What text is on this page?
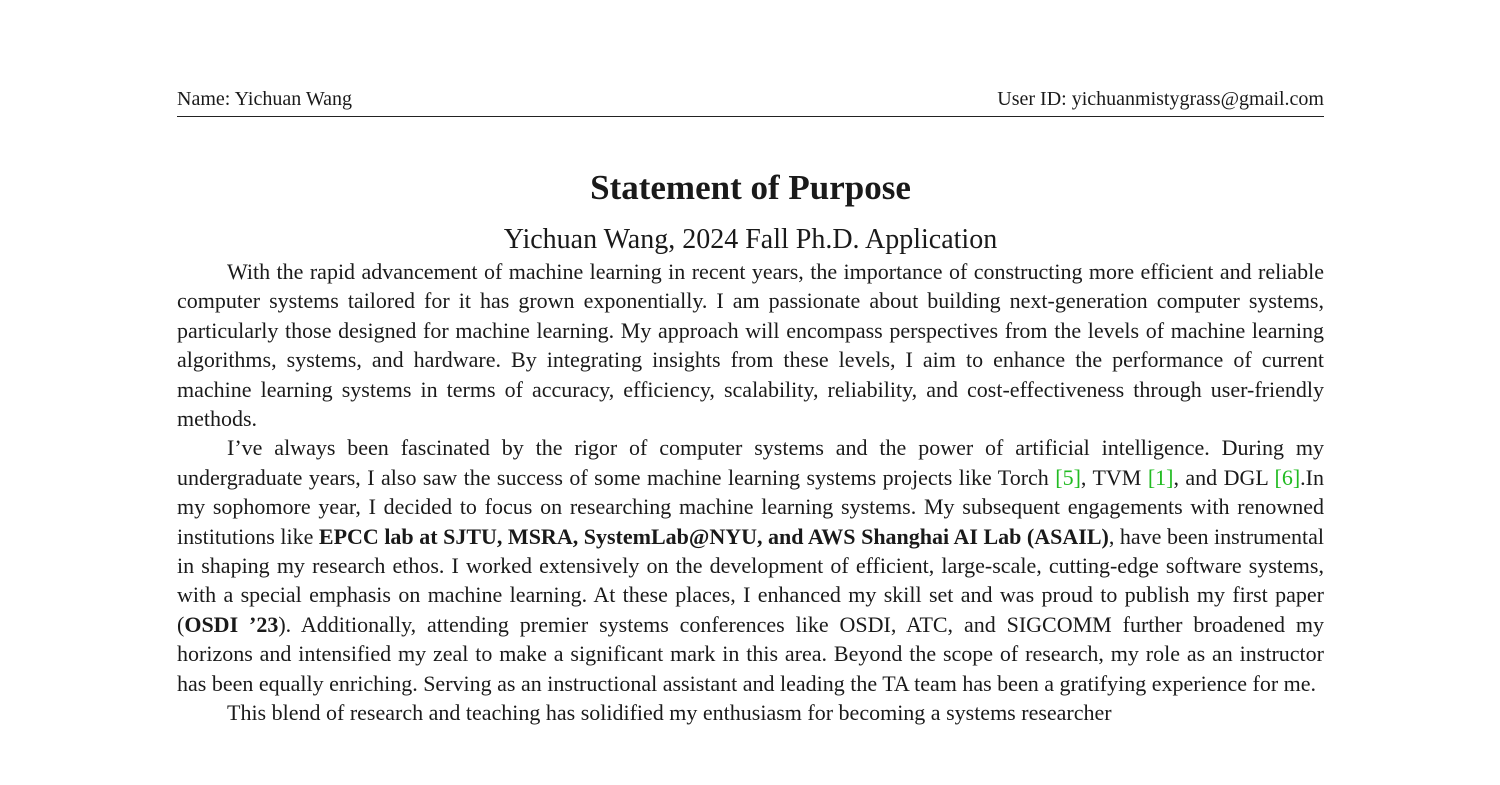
Name: Yichuan Wang	User ID: yichuanmistygrass@gmail.com
Statement of Purpose
Yichuan Wang, 2024 Fall Ph.D. Application

With the rapid advancement of machine learning in recent years, the importance of constructing more efficient and reliable computer systems tailored for it has grown exponentially. I am passionate about building next-generation computer systems, particularly those designed for machine learning. My approach will encompass perspectives from the levels of machine learning algorithms, systems, and hardware. By integrating insights from these levels, I aim to enhance the performance of current machine learning systems in terms of accuracy, efficiency, scalability, reliability, and cost-effectiveness through user-friendly methods.

I’ve always been fascinated by the rigor of computer systems and the power of artificial intelligence. During my undergraduate years, I also saw the success of some machine learning systems projects like Torch [5], TVM [1], and DGL [6].In my sophomore year, I decided to focus on researching machine learning systems. My subsequent engagements with renowned institutions like EPCC lab at SJTU, MSRA, SystemLab@NYU, and AWS Shanghai AI Lab (ASAIL), have been instrumental in shaping my research ethos. I worked extensively on the development of efficient, large-scale, cutting-edge software systems, with a special emphasis on machine learning. At these places, I enhanced my skill set and was proud to publish my first paper (OSDI ’23). Additionally, attending premier systems conferences like OSDI, ATC, and SIGCOMM further broadened my horizons and intensified my zeal to make a significant mark in this area. Beyond the scope of research, my role as an instructor has been equally enriching. Serving as an instructional assistant and leading the TA team has been a gratifying experience for me.

This blend of research and teaching has solidified my enthusiasm for becoming a systems researcher
